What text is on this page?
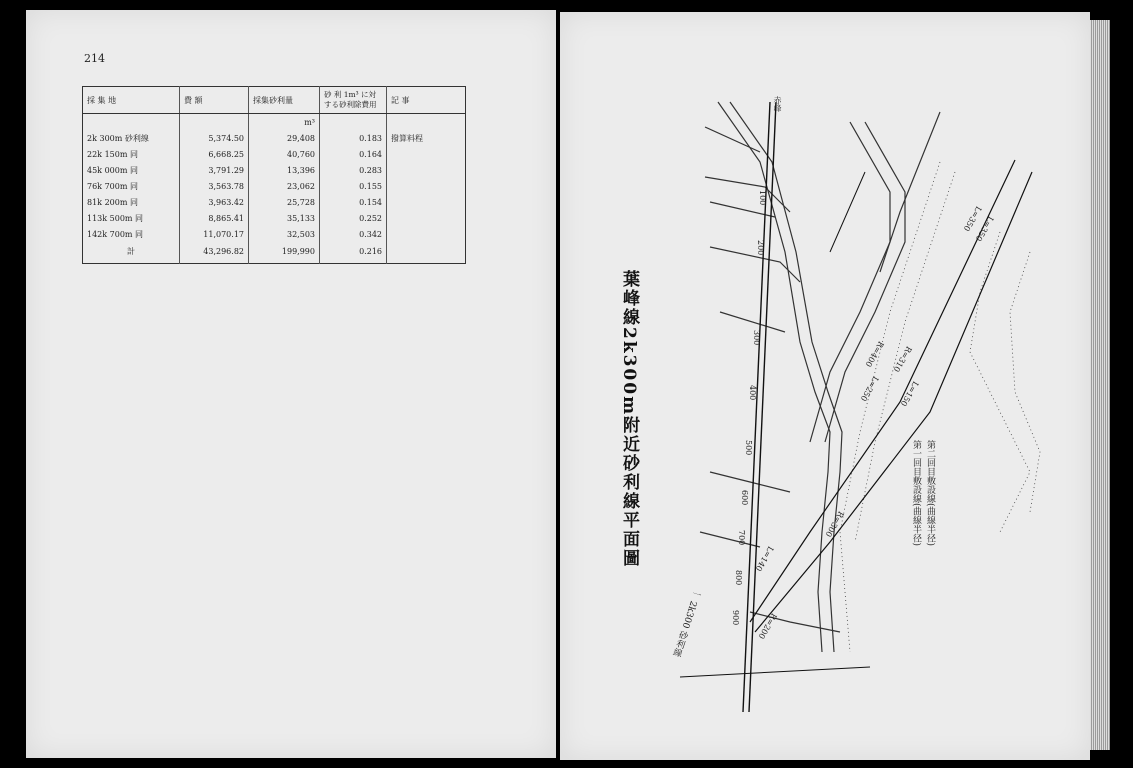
214
採 集 地	費 額	採集砂利量	砂 利 1m³ に対する砂利除費用	記 事
		m³		
2k 300m 砂利線	5,374.50	29,408	0.183	撥算料程
22k 150m 同	6,668.25	40,760	0.164	
45k 000m 同	3,791.29	13,396	0.283	
76k 700m 同	3,563.78	23,062	0.155	
81k 200m 同	3,963.42	25,728	0.154	
113k 500m 同	8,865.41	35,133	0.252	
142k 700m 同	11,070.17	32,503	0.342	
計	43,296.82	199,990	0.216	
葉峰線2k300m附近砂利線平面圖
赤峰
L=350
L=350
R=310
R=400
L=250 L=150
L=140
R=300
R=200
100
200
300
400
500
600
700
800
900
第一回目敷設線(曲線半径) 第二回目敷設線(曲線半径)
一 2k300 砂利線
